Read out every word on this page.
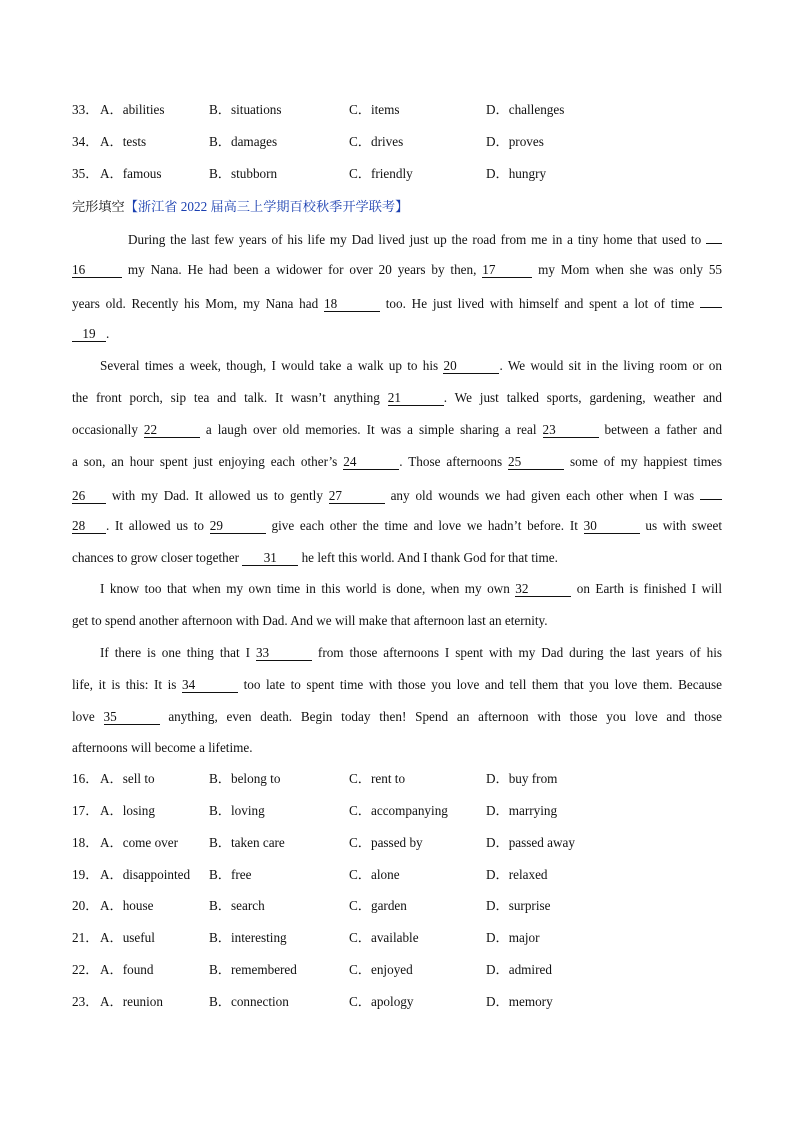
33． A．abilities	B．situations	C．items	D．challenges
34． A．tests	B．damages	C．drives	D．proves
35． A．famous	B．stubborn	C．friendly	D．hungry
完形填空【浙江省 2022 届高三上学期百校秋季开学联考】
During the last few years of his life my Dad lived just up the road from me in a tiny home that used to
16	my Nana. He had been a widower for over 20 years by then, 17	my Mom when she was only 55
years old. Recently his Mom, my Nana had 18	too. He just lived with himself and spent a lot of time
19 .
Several times a week, though, I would take a walk up to his 20	. We would sit in the living room or on
the front porch, sip tea and talk. It wasn’t anything 21	. We just talked sports, gardening, weather and
occasionally 22	a laugh over old memories. It was a simple sharing a real 23	between a father and
a son, an hour spent just enjoying each other’s 24	. Those afternoons 25	some of my happiest times
26 with my Dad. It allowed us to gently 27	any old wounds we had given each other when I was
28 . It allowed us to 29	give each other the time and love we hadn’t before. It 30	us with sweet
chances to grow closer together 31 he left this world. And I thank God for that time.
I know too that when my own time in this world is done, when my own 32	on Earth is finished I will
get to spend another afternoon with Dad. And we will make that afternoon last an eternity.
If there is one thing that I 33	from those afternoons I spent with my Dad during the last years of his
life, it is this: It is 34	too late to spent time with those you love and tell them that you love them. Because
love 35	anything, even death. Begin today then! Spend an afternoon with those you love and those
afternoons will become a lifetime.
16． A．sell to	B．belong to	C．rent to	D．buy from
17． A．losing	B．loving	C．accompanying	D．marrying
18． A．come over B．taken care	C．passed by	D．passed away
19． A．disappointed B．free	C．alone	D．relaxed
20． A．house	B．search	C．garden	D．surprise
21． A．useful	B．interesting	C．available	D．major
22． A．found	B．remembered	C．enjoyed	D．admired
23． A．reunion	B．connection	C．apology	D．memory
